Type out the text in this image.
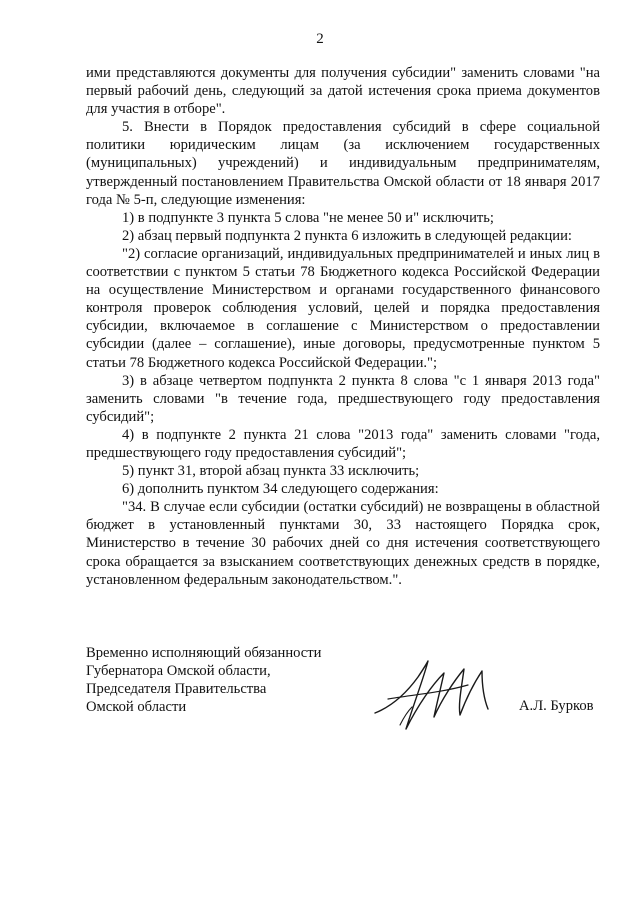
2

ими представляются документы для получения субсидии" заменить словами "на первый рабочий день, следующий за датой истечения срока приема документов для участия в отборе".

5. Внести в Порядок предоставления субсидий в сфере социальной политики юридическим лицам (за исключением государственных (муниципальных) учреждений) и индивидуальным предпринимателям, утвержденный постановлением Правительства Омской области от 18 января 2017 года № 5-п, следующие изменения:

1) в подпункте 3 пункта 5 слова "не менее 50 и" исключить;

2) абзац первый подпункта 2 пункта 6 изложить в следующей редакции:

"2) согласие организаций, индивидуальных предпринимателей и иных лиц в соответствии с пунктом 5 статьи 78 Бюджетного кодекса Российской Федерации на осуществление Министерством и органами государственного финансового контроля проверок соблюдения условий, целей и порядка предоставления субсидии, включаемое в соглашение с Министерством о предоставлении субсидии (далее – соглашение), иные договоры, предусмотренные пунктом 5 статьи 78 Бюджетного кодекса Российской Федерации.";

3) в абзаце четвертом подпункта 2 пункта 8 слова "с 1 января 2013 года" заменить словами "в течение года, предшествующего году предоставления субсидий";

4) в подпункте 2 пункта 21 слова "2013 года" заменить словами "года, предшествующего году предоставления субсидий";

5) пункт 31, второй абзац пункта 33 исключить;

6) дополнить пунктом 34 следующего содержания:

"34. В случае если субсидии (остатки субсидий) не возвращены в областной бюджет в установленный пунктами 30, 33 настоящего Порядка срок, Министерство в течение 30 рабочих дней со дня истечения соответствующего срока обращается за взысканием соответствующих денежных средств в порядке, установленном федеральным законодательством.".

Временно исполняющий обязанности
Губернатора Омской области,
Председателя Правительства
Омской области	А.Л. Бурков
